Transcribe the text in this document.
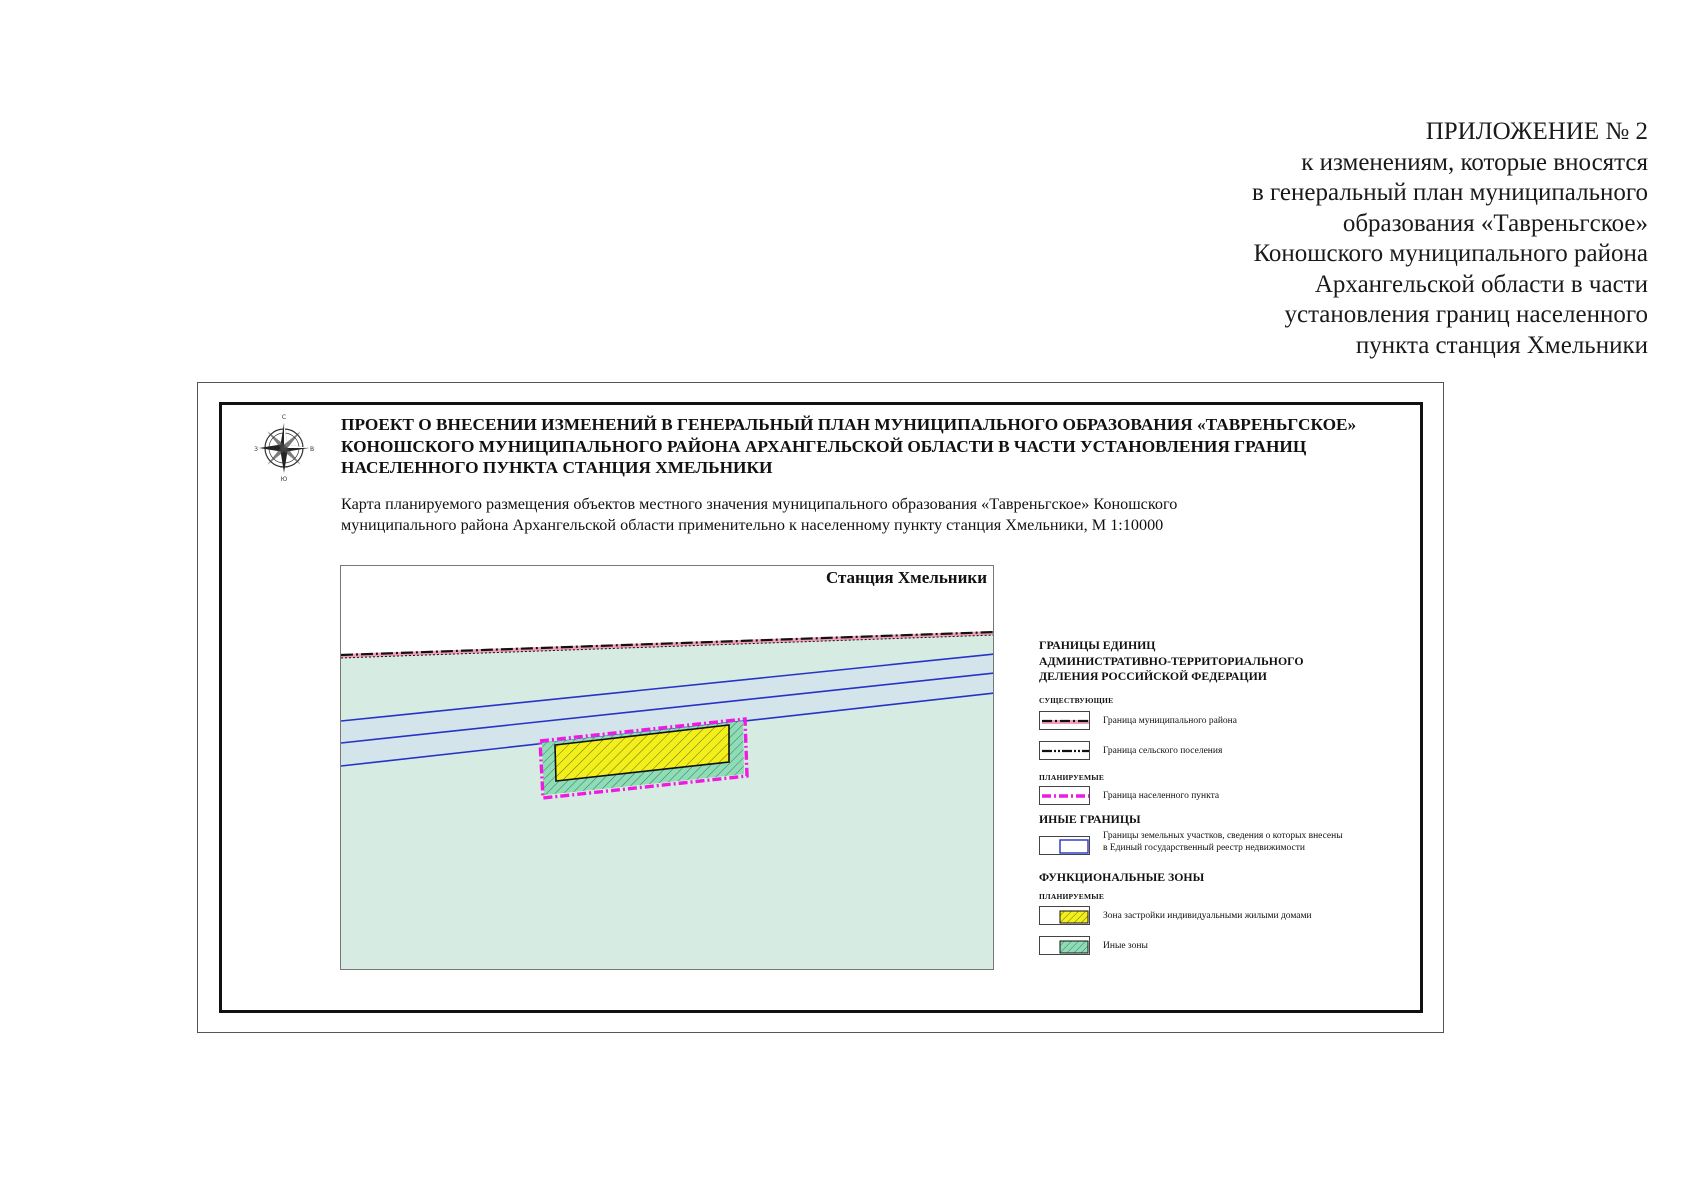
ПРИЛОЖЕНИЕ № 2
к изменениям, которые вносятся
в генеральный план муниципального
образования «Тавреньгское»
Коношского муниципального района
Архангельской области в части
установления границ населенного
пункта станция Хмельники
С
Ю
З	В
ПРОЕКТ О ВНЕСЕНИИ ИЗМЕНЕНИЙ В ГЕНЕРАЛЬНЫЙ ПЛАН МУНИЦИПАЛЬНОГО ОБРАЗОВАНИЯ «ТАВРЕНЬГСКОЕ»
КОНОШСКОГО МУНИЦИПАЛЬНОГО РАЙОНА АРХАНГЕЛЬСКОЙ ОБЛАСТИ В ЧАСТИ УСТАНОВЛЕНИЯ ГРАНИЦ
НАСЕЛЕННОГО ПУНКТА СТАНЦИЯ ХМЕЛЬНИКИ
Карта планируемого размещения объектов местного значения муниципального образования «Тавреньгское» Коношского
муниципального района Архангельской области применительно к населенному пункту станция Хмельники, М 1:10000
Станция Хмельники
ГРАНИЦЫ ЕДИНИЦ
АДМИНИСТРАТИВНО-ТЕРРИТОРИАЛЬНОГО
ДЕЛЕНИЯ РОССИЙСКОЙ ФЕДЕРАЦИИ
СУЩЕСТВУЮЩИЕ
Граница муниципального района
Граница сельского поселения
ПЛАНИРУЕМЫЕ
Граница населенного пункта
ИНЫЕ ГРАНИЦЫ
Границы земельных участков, сведения о которых внесены в Единый государственный реестр недвижимости
ФУНКЦИОНАЛЬНЫЕ ЗОНЫ
ПЛАНИРУЕМЫЕ
Зона застройки индивидуальными жилыми домами
Иные зоны
